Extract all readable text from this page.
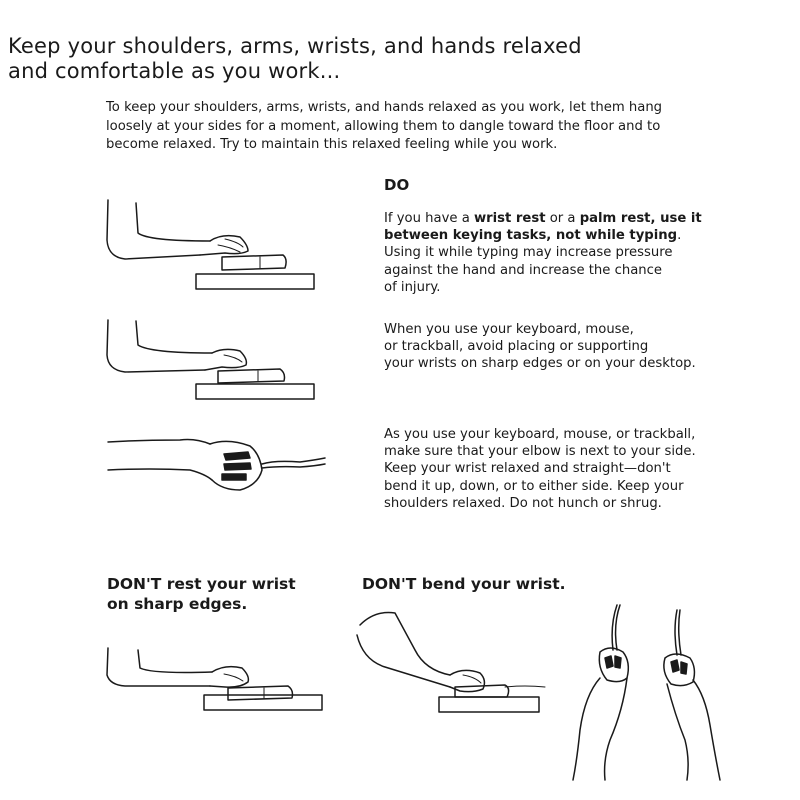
Keep your shoulders, arms, wrists, and hands relaxed
and comfortable as you work...
To keep your shoulders, arms, wrists, and hands relaxed as you work, let them hang
loosely at your sides for a moment, allowing them to dangle toward the floor and to
become relaxed. Try to maintain this relaxed feeling while you work.
DO
If you have a wrist rest or a palm rest, use it
between keying tasks, not while typing.
Using it while typing may increase pressure
against the hand and increase the chance
of injury.
When you use your keyboard, mouse,
or trackball, avoid placing or supporting
your wrists on sharp edges or on your desktop.
As you use your keyboard, mouse, or trackball,
make sure that your elbow is next to your side.
Keep your wrist relaxed and straight—don't
bend it up, down, or to either side. Keep your
shoulders relaxed. Do not hunch or shrug.
DON'T rest your wrist
on sharp edges.
DON'T bend your wrist.
